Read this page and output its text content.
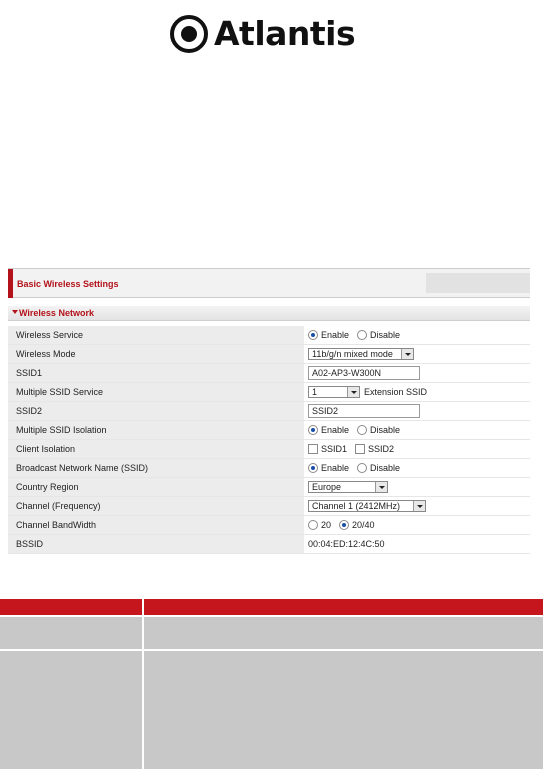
Atlantis
Basic Wireless Settings
Wireless Network
Wireless Service	Enable Disable
Wireless Mode	11b/g/n mixed mode
SSID1	A02-AP3-W300N
Multiple SSID Service	1	Extension SSID
SSID2	SSID2
Multiple SSID Isolation	Enable Disable
Client Isolation	SSID1 SSID2
Broadcast Network Name (SSID)	Enable Disable
Country Region	Europe
Channel (Frequency)	Channel 1 (2412MHz)
Channel BandWidth	20 20/40
BSSID	00:04:ED:12:4C:50
